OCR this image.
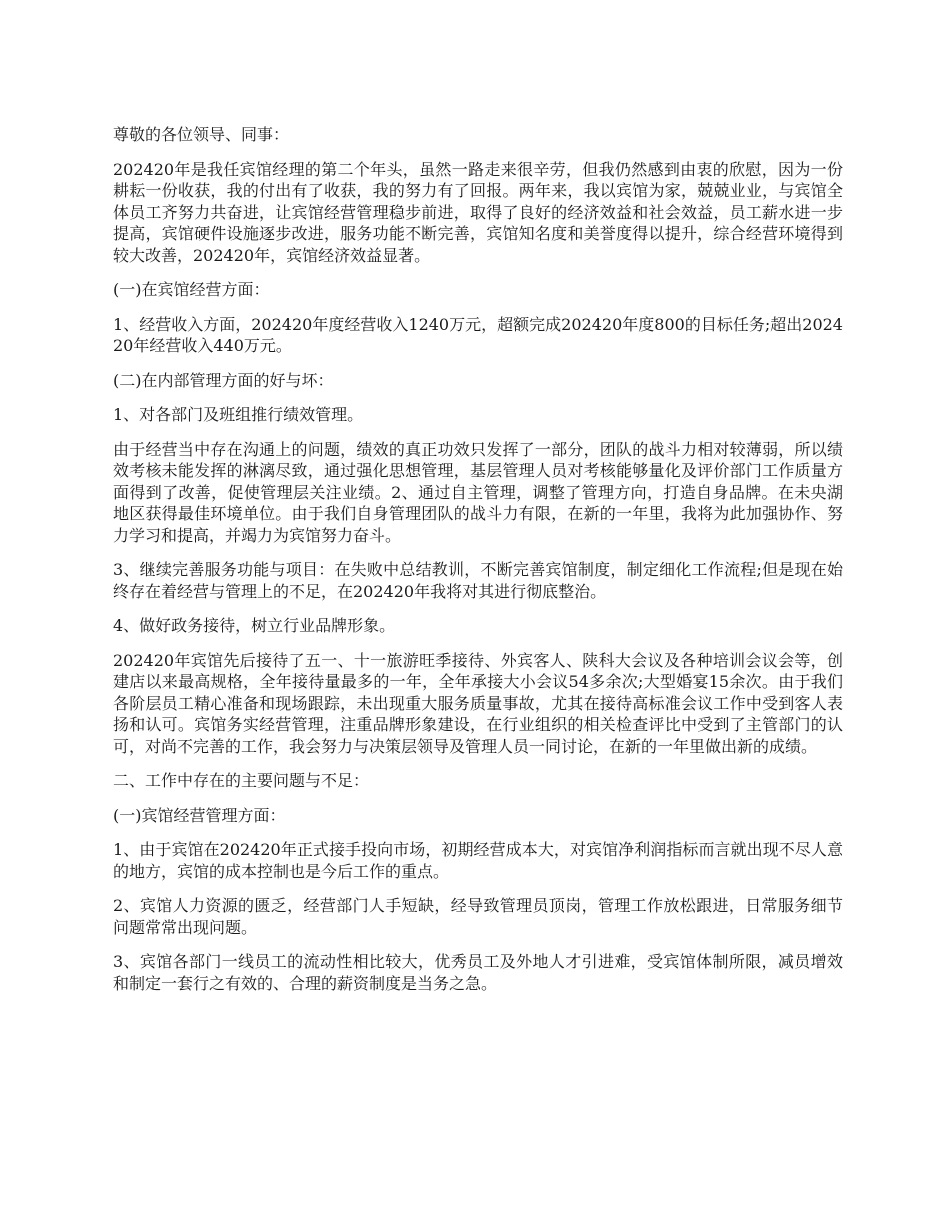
尊敬的各位领导、同事：

202420年是我任宾馆经理的第二个年头，虽然一路走来很辛劳，但我仍然感到由衷的欣慰，因为一份耕耘一份收获，我的付出有了收获，我的努力有了回报。两年来，我以宾馆为家，兢兢业业，与宾馆全体员工齐努力共奋进，让宾馆经营管理稳步前进，取得了良好的经济效益和社会效益，员工薪水进一步提高，宾馆硬件设施逐步改进，服务功能不断完善，宾馆知名度和美誉度得以提升，综合经营环境得到较大改善，202420年，宾馆经济效益显著。

(一)在宾馆经营方面：

1、经营收入方面，202420年度经营收入1240万元，超额完成202420年度800的目标任务;超出202420年经营收入440万元。

(二)在内部管理方面的好与坏：

1、对各部门及班组推行绩效管理。

由于经营当中存在沟通上的问题，绩效的真正功效只发挥了一部分，团队的战斗力相对较薄弱，所以绩效考核未能发挥的淋漓尽致，通过强化思想管理，基层管理人员对考核能够量化及评价部门工作质量方面得到了改善，促使管理层关注业绩。2、通过自主管理，调整了管理方向，打造自身品牌。在未央湖地区获得最佳环境单位。由于我们自身管理团队的战斗力有限，在新的一年里，我将为此加强协作、努力学习和提高，并竭力为宾馆努力奋斗。

3、继续完善服务功能与项目：在失败中总结教训，不断完善宾馆制度，制定细化工作流程;但是现在始终存在着经营与管理上的不足，在202420年我将对其进行彻底整治。

4、做好政务接待，树立行业品牌形象。

202420年宾馆先后接待了五一、十一旅游旺季接待、外宾客人、陕科大会议及各种培训会议会等，创建店以来最高规格，全年接待量最多的一年，全年承接大小会议54多余次;大型婚宴15余次。由于我们各阶层员工精心准备和现场跟踪，未出现重大服务质量事故，尤其在接待高标准会议工作中受到客人表扬和认可。宾馆务实经营管理，注重品牌形象建设，在行业组织的相关检查评比中受到了主管部门的认可，对尚不完善的工作，我会努力与决策层领导及管理人员一同讨论，在新的一年里做出新的成绩。

二、工作中存在的主要问题与不足：

(一)宾馆经营管理方面：

1、由于宾馆在202420年正式接手投向市场，初期经营成本大，对宾馆净利润指标而言就出现不尽人意的地方，宾馆的成本控制也是今后工作的重点。

2、宾馆人力资源的匮乏，经营部门人手短缺，经导致管理员顶岗，管理工作放松跟进，日常服务细节问题常常出现问题。

3、宾馆各部门一线员工的流动性相比较大，优秀员工及外地人才引进难，受宾馆体制所限，减员增效和制定一套行之有效的、合理的薪资制度是当务之急。
